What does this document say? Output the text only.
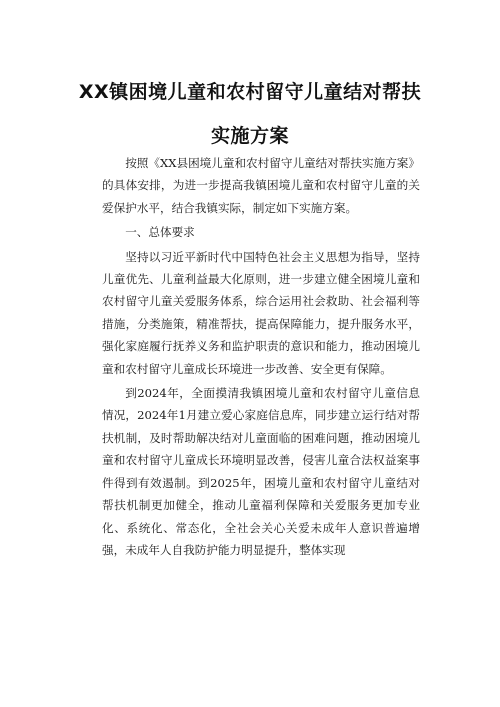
XX镇困境儿童和农村留守儿童结对帮扶
实施方案

按照《XX县困境儿童和农村留守儿童结对帮扶实施方案》的具体安排，为进一步提高我镇困境儿童和农村留守儿童的关爱保护水平，结合我镇实际，制定如下实施方案。

一、总体要求

坚持以习近平新时代中国特色社会主义思想为指导，坚持儿童优先、儿童利益最大化原则，进一步建立健全困境儿童和农村留守儿童关爱服务体系，综合运用社会救助、社会福利等措施，分类施策，精准帮扶，提高保障能力，提升服务水平，强化家庭履行抚养义务和监护职责的意识和能力，推动困境儿童和农村留守儿童成长环境进一步改善、安全更有保障。

到2024年，全面摸清我镇困境儿童和农村留守儿童信息情况，2024年1月建立爱心家庭信息库，同步建立运行结对帮扶机制，及时帮助解决结对儿童面临的困难问题，推动困境儿童和农村留守儿童成长环境明显改善，侵害儿童合法权益案事件得到有效遏制。到2025年，困境儿童和农村留守儿童结对帮扶机制更加健全，推动儿童福利保障和关爱服务更加专业化、系统化、常态化，全社会关心关爱未成年人意识普遍增强，未成年人自我防护能力明显提升，整体实现
